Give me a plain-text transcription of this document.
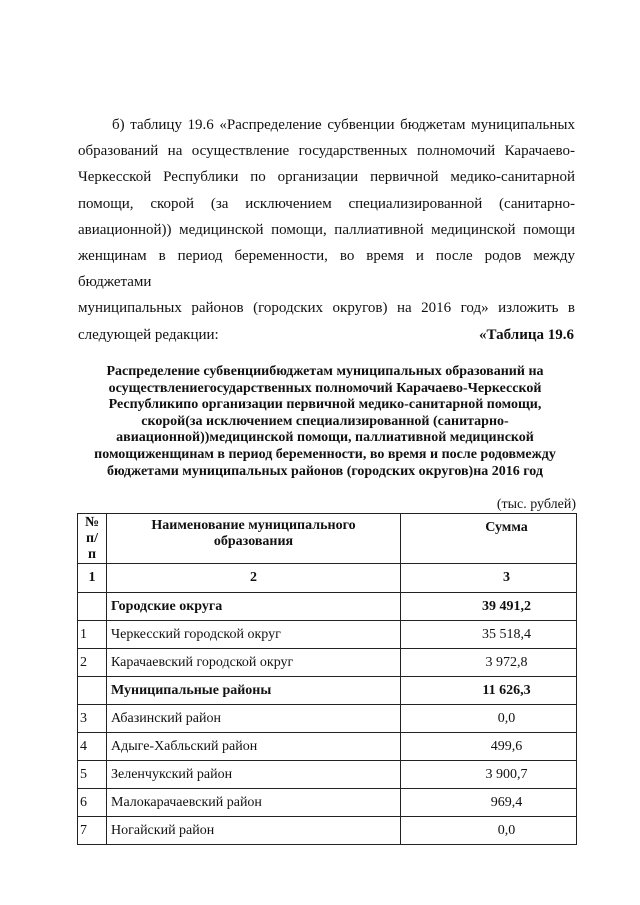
б) таблицу 19.6 «Распределение субвенции бюджетам муниципальных
образований на осуществление государственных полномочий Карачаево-
Черкесской Республики по организации первичной медико-санитарной
помощи, скорой (за исключением специализированной (санитарно-
авиационной)) медицинской помощи, паллиативной медицинской помощи
женщинам в период беременности, во время и после родов между бюджетами
муниципальных районов (городских округов) на 2016 год» изложить в
следующей редакции:	«Таблица 19.6
Распределение субвенциибюджетам муниципальных образований на
осуществлениегосударственных полномочий Карачаево-Черкесской
Республикипо организации первичной медико-санитарной помощи,
скорой(за исключением специализированной (санитарно-
авиационной))медицинской помощи, паллиативной медицинской
помощиженщинам в период беременности, во время и после родовмежду
бюджетами муниципальных районов (городских округов)на 2016 год
(тыс. рублей)
№ п/п	Наименование муниципального образования	Сумма
1	2	3
	Городские округа	39 491,2
1	Черкесский городской округ	35 518,4
2	Карачаевский городской округ	3 972,8
	Муниципальные районы	11 626,3
3	Абазинский район	0,0
4	Адыге-Хабльский район	499,6
5	Зеленчукский район	3 900,7
6	Малокарачаевский район	969,4
7	Ногайский район	0,0
